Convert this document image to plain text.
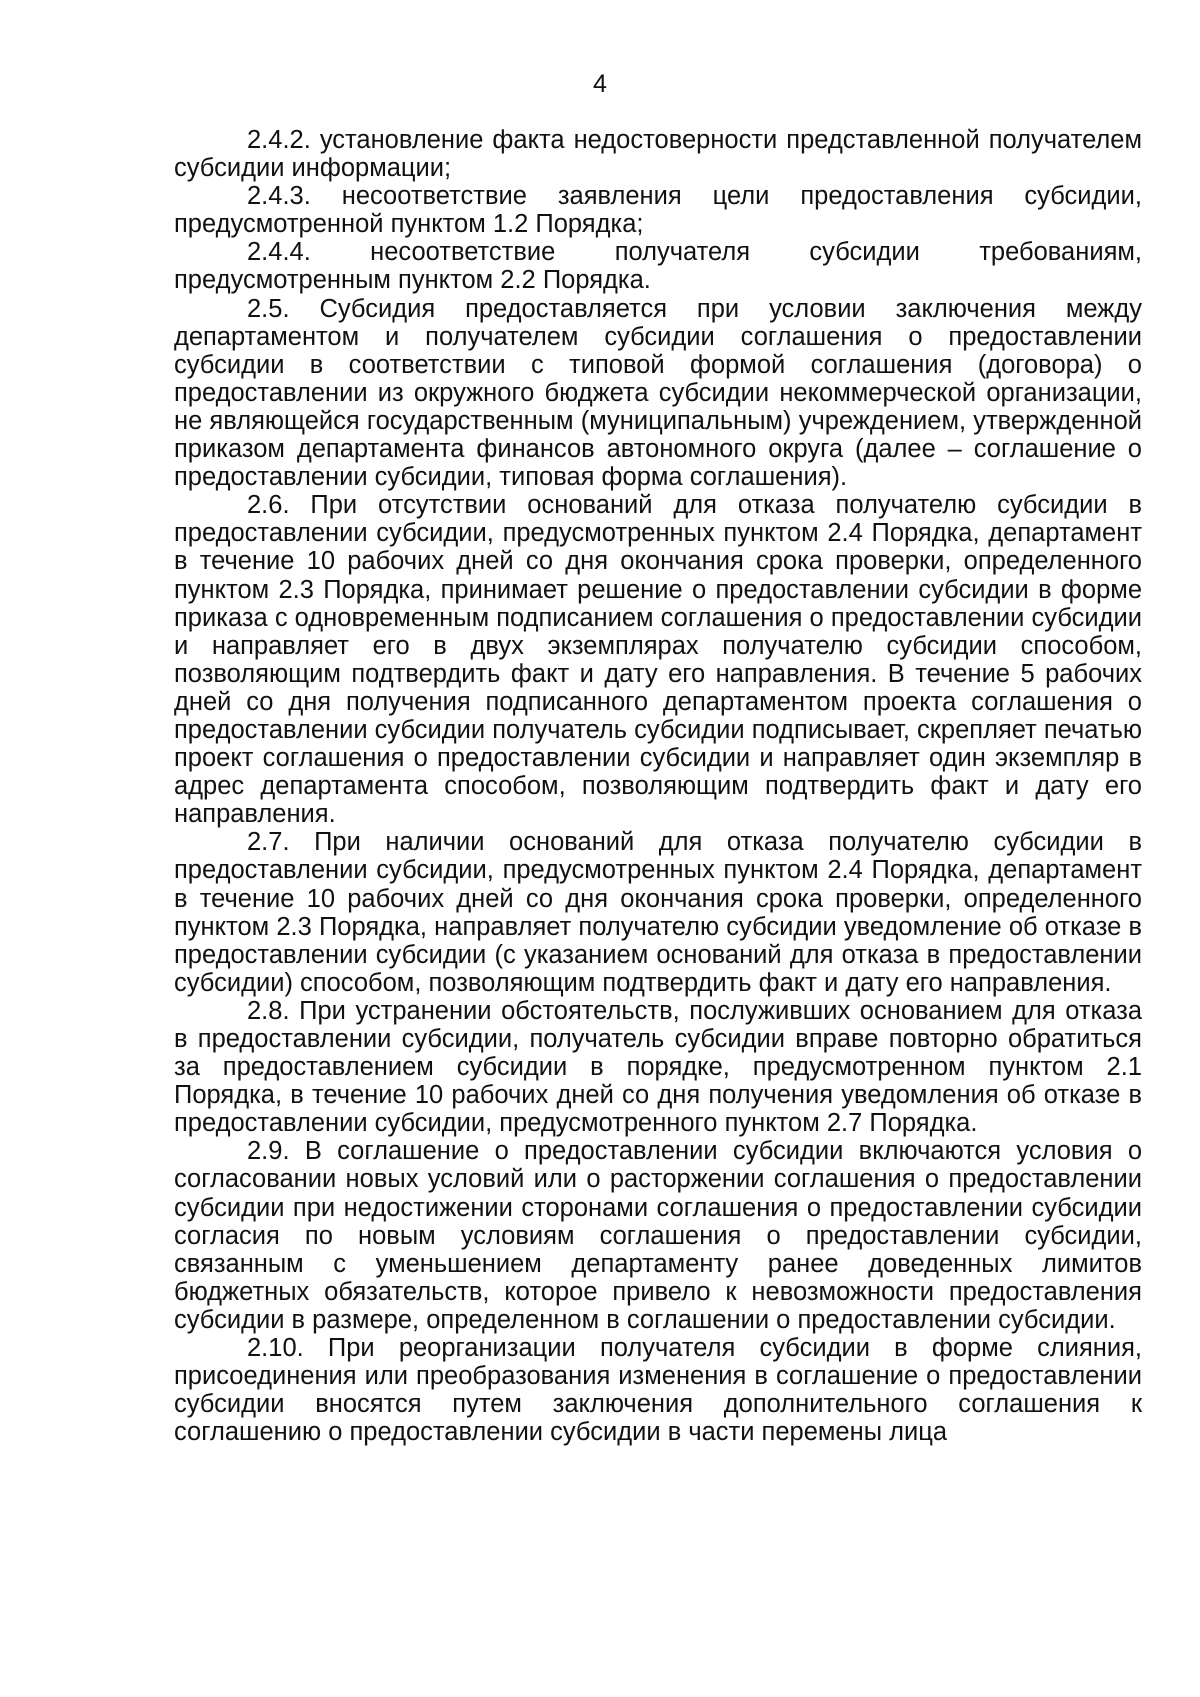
4

2.4.2. установление факта недостоверности представленной получателем субсидии информации;

2.4.3. несоответствие заявления цели предоставления субсидии, предусмотренной пунктом 1.2 Порядка;

2.4.4. несоответствие получателя субсидии требованиям, предусмотренным пунктом 2.2 Порядка.

2.5. Субсидия предоставляется при условии заключения между департаментом и получателем субсидии соглашения о предоставлении субсидии в соответствии с типовой формой соглашения (договора) о предоставлении из окружного бюджета субсидии некоммерческой организации, не являющейся государственным (муниципальным) учреждением, утвержденной приказом департамента финансов автономного округа (далее – соглашение о предоставлении субсидии, типовая форма соглашения).

2.6. При отсутствии оснований для отказа получателю субсидии в предоставлении субсидии, предусмотренных пунктом 2.4 Порядка, департамент в течение 10 рабочих дней со дня окончания срока проверки, определенного пунктом 2.3 Порядка, принимает решение о предоставлении субсидии в форме приказа с одновременным подписанием соглашения о предоставлении субсидии и направляет его в двух экземплярах получателю субсидии способом, позволяющим подтвердить факт и дату его направления. В течение 5 рабочих дней со дня получения подписанного департаментом проекта соглашения о предоставлении субсидии получатель субсидии подписывает, скрепляет печатью проект соглашения о предоставлении субсидии и направляет один экземпляр в адрес департамента способом, позволяющим подтвердить факт и дату его направления.

2.7. При наличии оснований для отказа получателю субсидии в предоставлении субсидии, предусмотренных пунктом 2.4 Порядка, департамент в течение 10 рабочих дней со дня окончания срока проверки, определенного пунктом 2.3 Порядка, направляет получателю субсидии уведомление об отказе в предоставлении субсидии (с указанием оснований для отказа в предоставлении субсидии) способом, позволяющим подтвердить факт и дату его направления.

2.8. При устранении обстоятельств, послуживших основанием для отказа в предоставлении субсидии, получатель субсидии вправе повторно обратиться за предоставлением субсидии в порядке, предусмотренном пунктом 2.1 Порядка, в течение 10 рабочих дней со дня получения уведомления об отказе в предоставлении субсидии, предусмотренного пунктом 2.7 Порядка.

2.9. В соглашение о предоставлении субсидии включаются условия о согласовании новых условий или о расторжении соглашения о предоставлении субсидии при недостижении сторонами соглашения о предоставлении субсидии согласия по новым условиям соглашения о предоставлении субсидии, связанным с уменьшением департаменту ранее доведенных лимитов бюджетных обязательств, которое привело к невозможности предоставления субсидии в размере, определенном в соглашении о предоставлении субсидии.

2.10. При реорганизации получателя субсидии в форме слияния, присоединения или преобразования изменения в соглашение о предоставлении субсидии вносятся путем заключения дополнительного соглашения к соглашению о предоставлении субсидии в части перемены лица
